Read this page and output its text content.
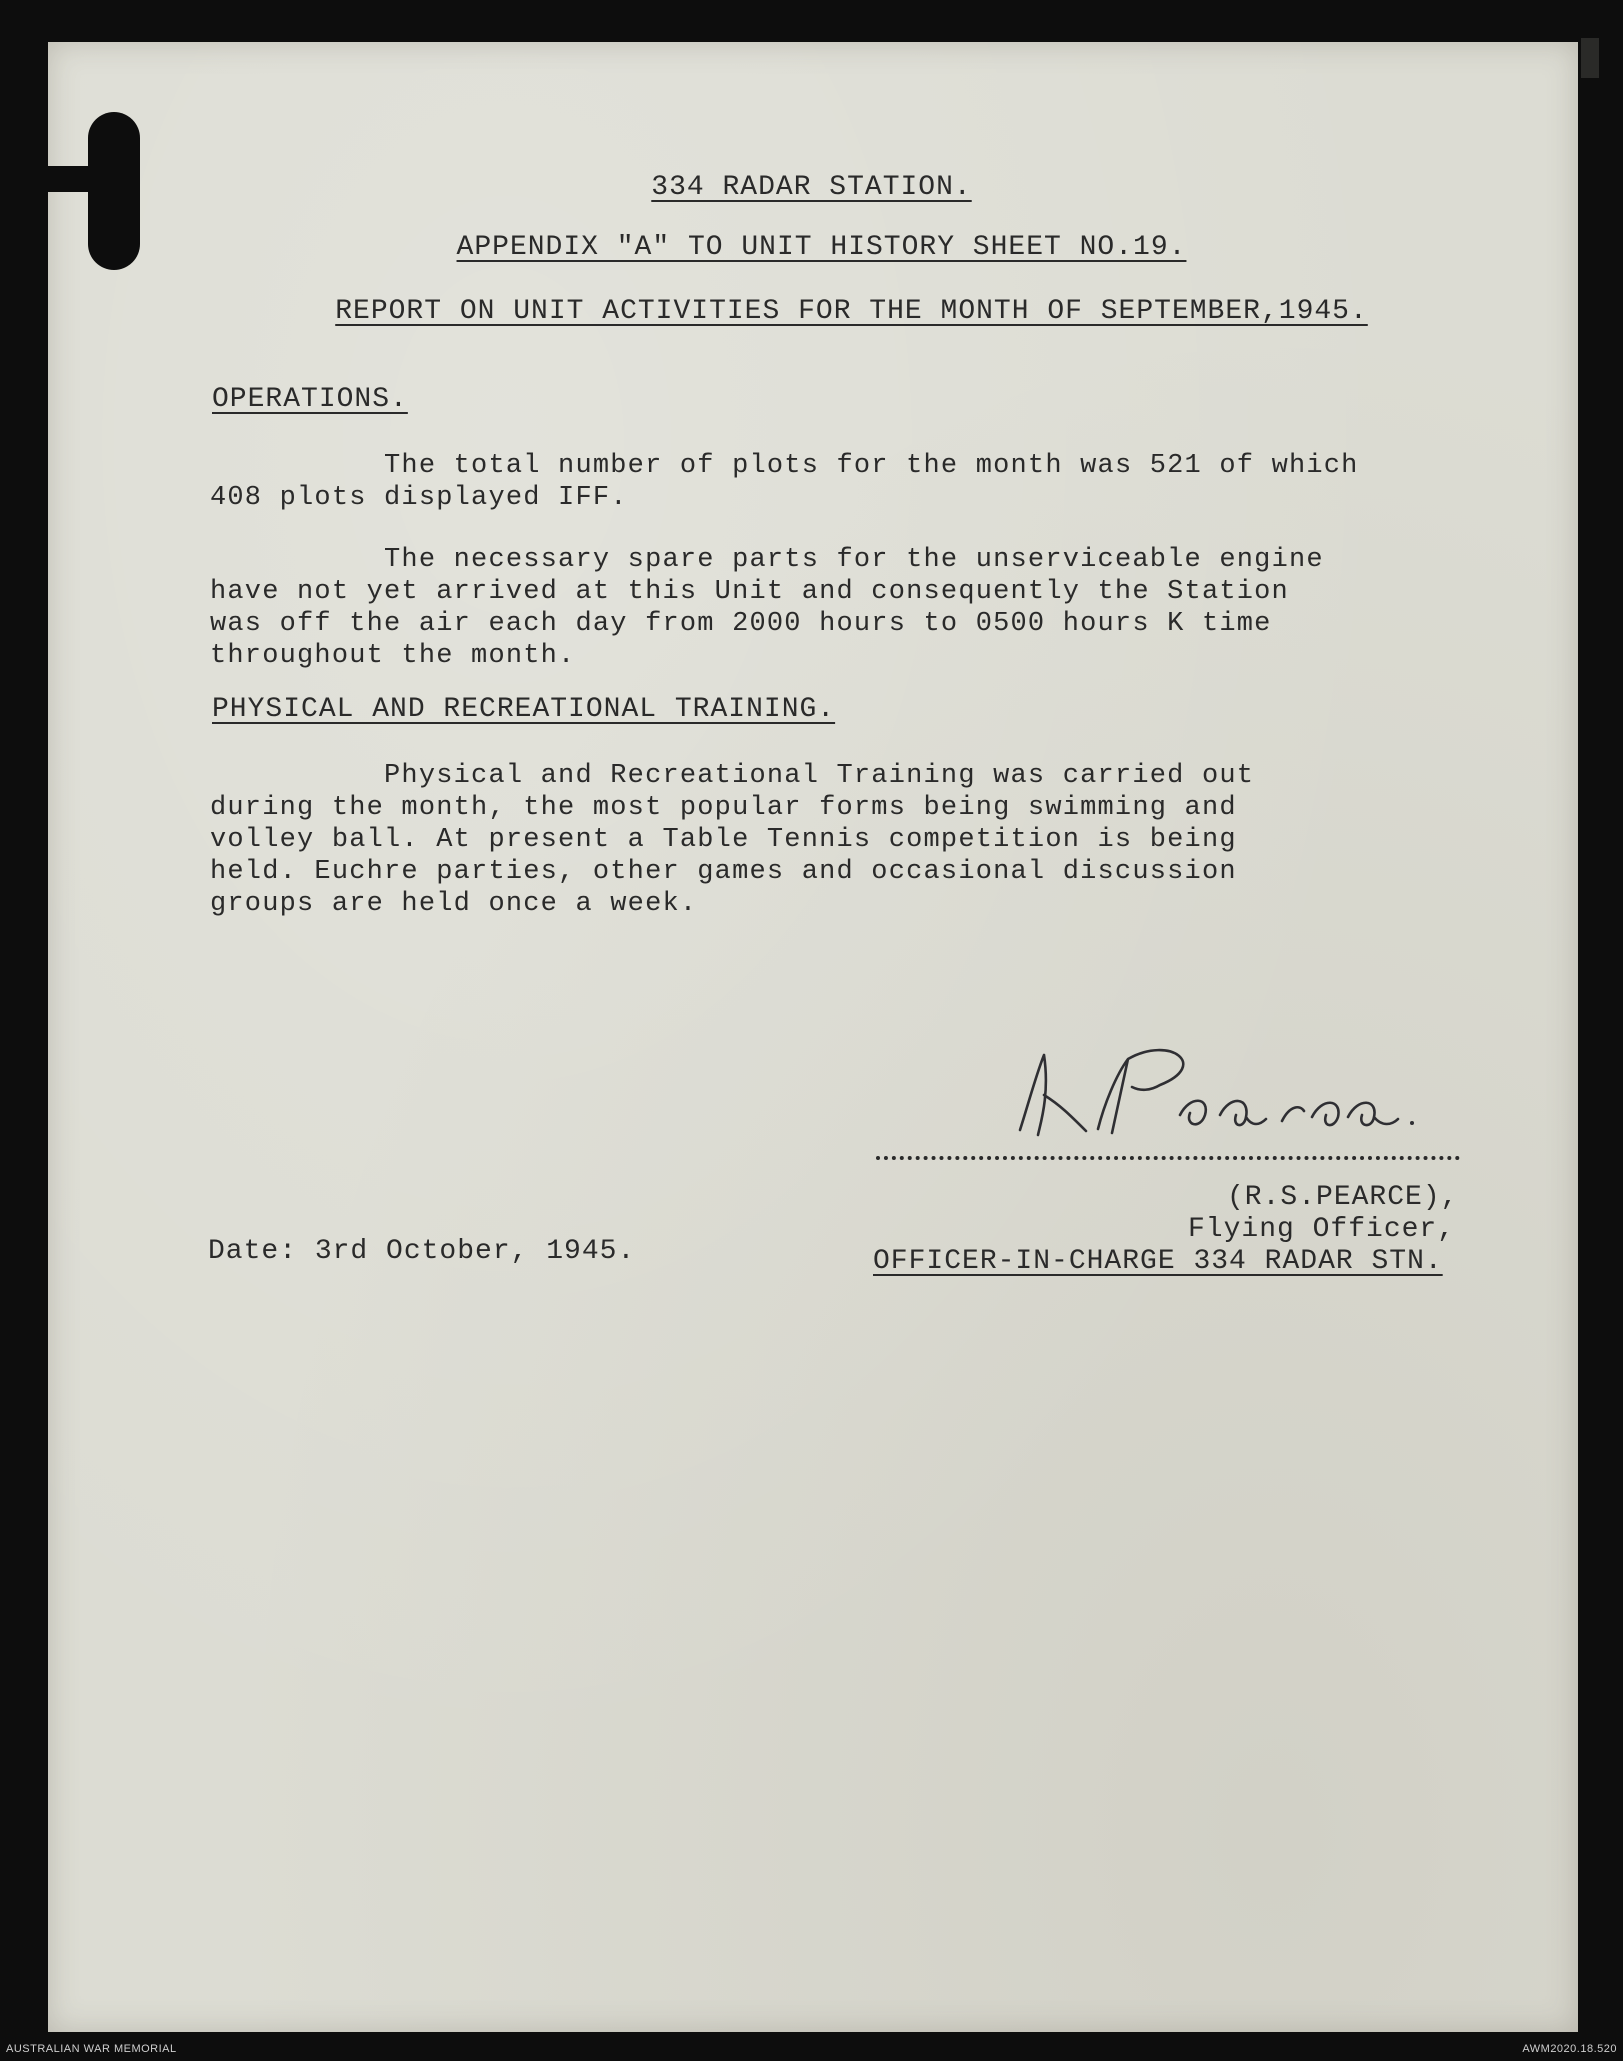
334 RADAR STATION.
APPENDIX "A" TO UNIT HISTORY SHEET NO.19.
REPORT ON UNIT ACTIVITIES FOR THE MONTH OF SEPTEMBER,1945.
OPERATIONS.
The total number of plots for the month was 521 of which
408 plots displayed IFF.
The necessary spare parts for the unserviceable engine
have not yet arrived at this Unit and consequently the Station
was off the air each day from 2000 hours to 0500 hours K time
throughout the month.
PHYSICAL AND RECREATIONAL TRAINING.
Physical and Recreational Training was carried out
during the month, the most popular forms being swimming and
volley ball. At present a Table Tennis competition is being
held. Euchre parties, other games and occasional discussion
groups are held once a week.
(R.S.PEARCE),
Flying Officer,
OFFICER-IN-CHARGE 334 RADAR STN.
Date: 3rd October, 1945.
AUSTRALIAN WAR MEMORIAL	AWM2020.18.520
